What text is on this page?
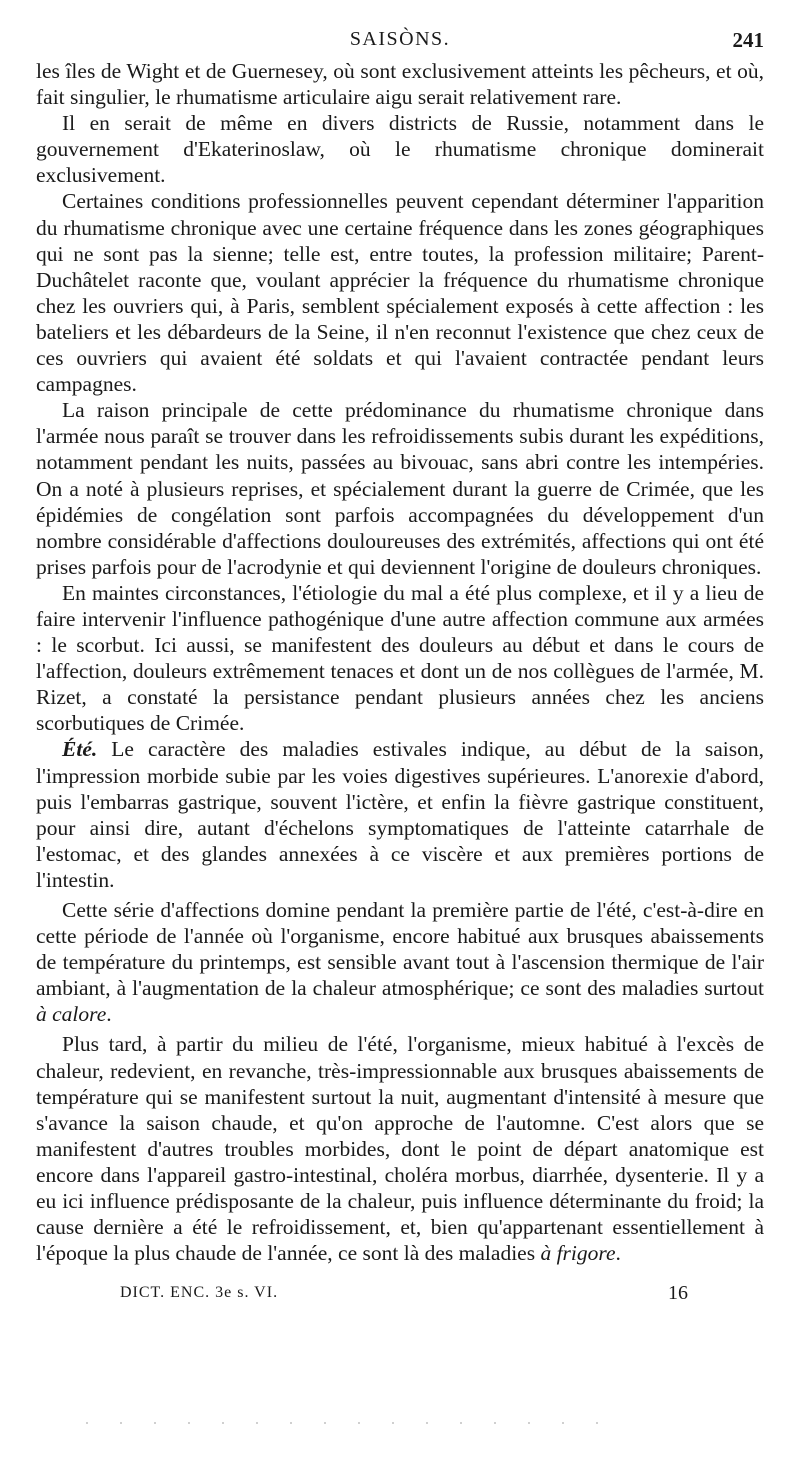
SAISÒNS.	241

les îles de Wight et de Guernesey, où sont exclusivement atteints les pêcheurs, et où, fait singulier, le rhumatisme articulaire aigu serait relativement rare.

Il en serait de même en divers districts de Russie, notamment dans le gouvernement d'Ekaterinoslaw, où le rhumatisme chronique dominerait exclusivement.

Certaines conditions professionnelles peuvent cependant déterminer l'apparition du rhumatisme chronique avec une certaine fréquence dans les zones géographiques qui ne sont pas la sienne; telle est, entre toutes, la profession militaire; Parent-Duchâtelet raconte que, voulant apprécier la fréquence du rhumatisme chronique chez les ouvriers qui, à Paris, semblent spécialement exposés à cette affection : les bateliers et les débardeurs de la Seine, il n'en reconnut l'existence que chez ceux de ces ouvriers qui avaient été soldats et qui l'avaient contractée pendant leurs campagnes.

La raison principale de cette prédominance du rhumatisme chronique dans l'armée nous paraît se trouver dans les refroidissements subis durant les expéditions, notamment pendant les nuits, passées au bivouac, sans abri contre les intempéries. On a noté à plusieurs reprises, et spécialement durant la guerre de Crimée, que les épidémies de congélation sont parfois accompagnées du développement d'un nombre considérable d'affections douloureuses des extrémités, affections qui ont été prises parfois pour de l'acrodynie et qui deviennent l'origine de douleurs chroniques.

En maintes circonstances, l'étiologie du mal a été plus complexe, et il y a lieu de faire intervenir l'influence pathogénique d'une autre affection commune aux armées : le scorbut. Ici aussi, se manifestent des douleurs au début et dans le cours de l'affection, douleurs extrêmement tenaces et dont un de nos collègues de l'armée, M. Rizet, a constaté la persistance pendant plusieurs années chez les anciens scorbutiques de Crimée.

Été. Le caractère des maladies estivales indique, au début de la saison, l'impression morbide subie par les voies digestives supérieures. L'anorexie d'abord, puis l'embarras gastrique, souvent l'ictère, et enfin la fièvre gastrique constituent, pour ainsi dire, autant d'échelons symptomatiques de l'atteinte catarrhale de l'estomac, et des glandes annexées à ce viscère et aux premières portions de l'intestin.

Cette série d'affections domine pendant la première partie de l'été, c'est-à-dire en cette période de l'année où l'organisme, encore habitué aux brusques abaissements de température du printemps, est sensible avant tout à l'ascension thermique de l'air ambiant, à l'augmentation de la chaleur atmosphérique; ce sont des maladies surtout à calore.

Plus tard, à partir du milieu de l'été, l'organisme, mieux habitué à l'excès de chaleur, redevient, en revanche, très-impressionnable aux brusques abaissements de température qui se manifestent surtout la nuit, augmentant d'intensité à mesure que s'avance la saison chaude, et qu'on approche de l'automne. C'est alors que se manifestent d'autres troubles morbides, dont le point de départ anatomique est encore dans l'appareil gastro-intestinal, choléra morbus, diarrhée, dysenterie. Il y a eu ici influence prédisposante de la chaleur, puis influence déterminante du froid; la cause dernière a été le refroidissement, et, bien qu'appartenant essentiellement à l'époque la plus chaude de l'année, ce sont là des maladies à frigore.

DICT. ENC. 3e s. VI.	16
